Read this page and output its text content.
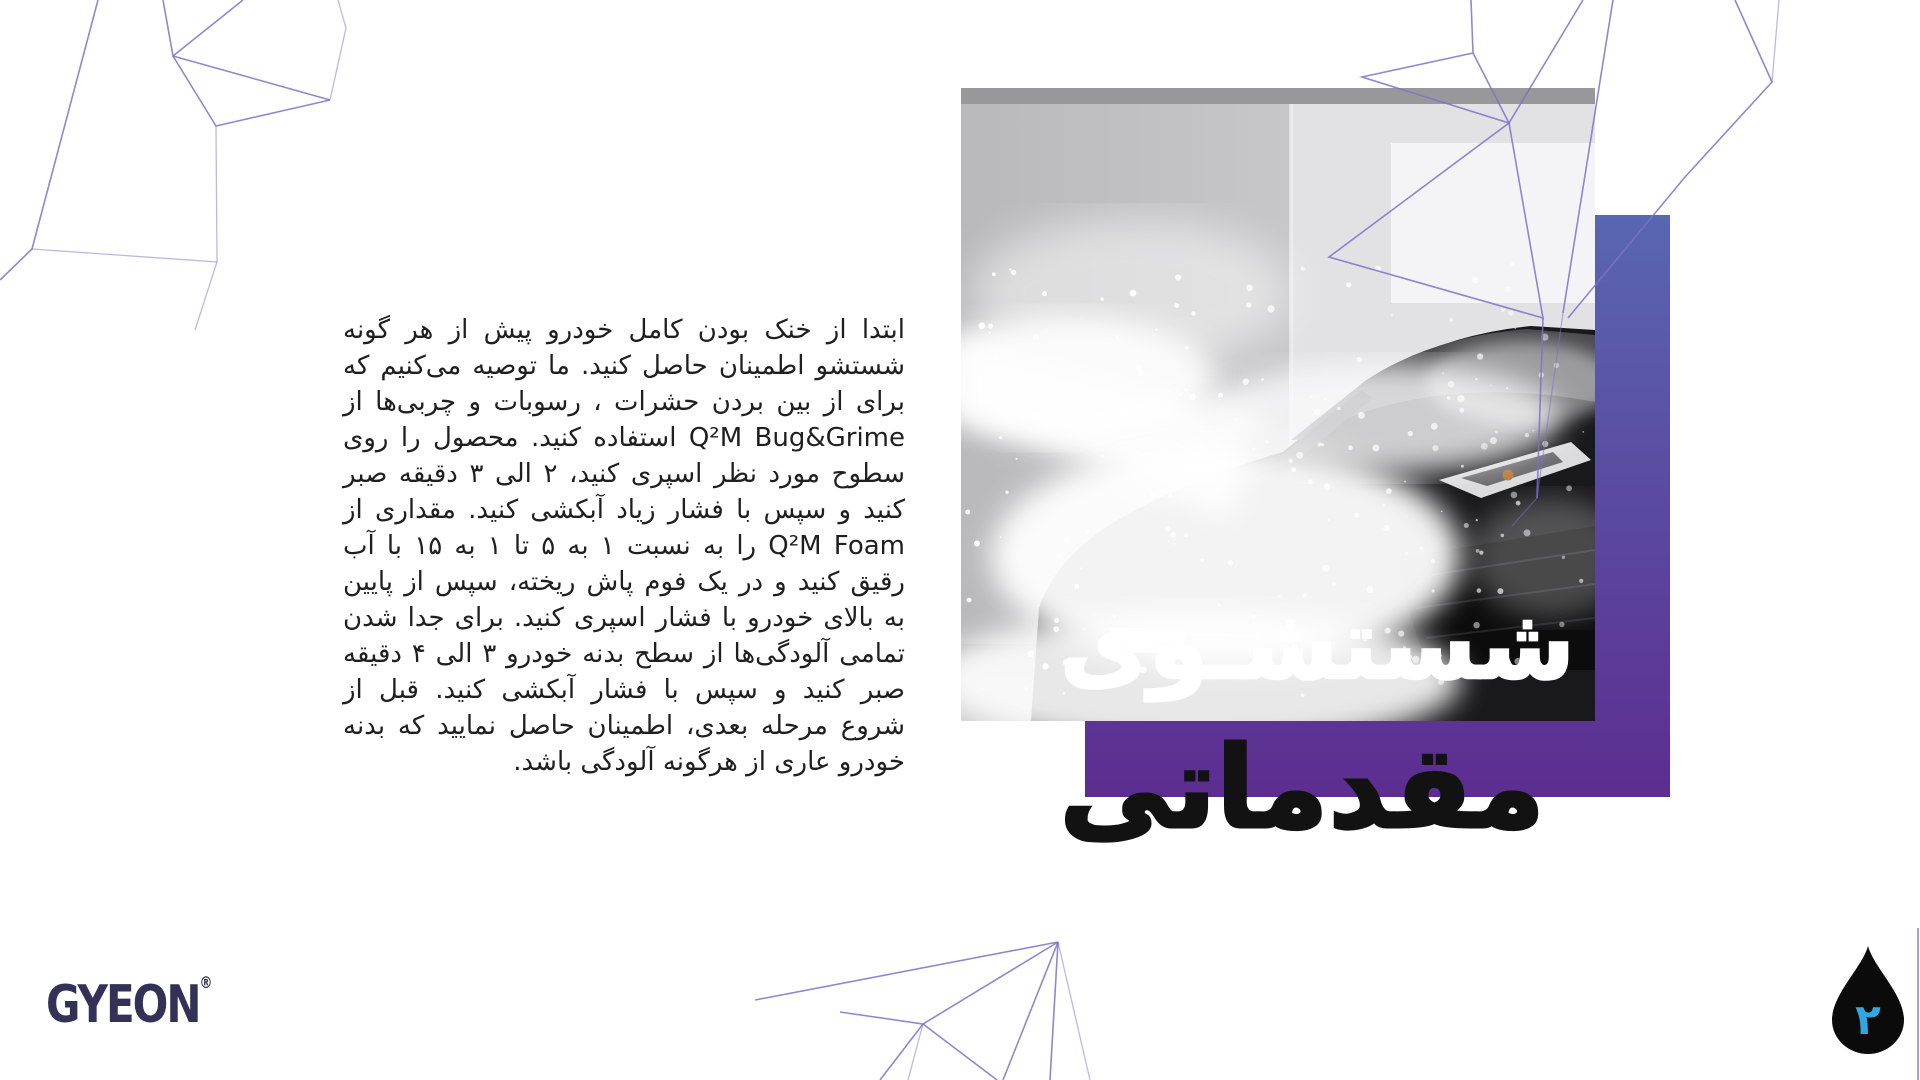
شستشـوی
مقدماتی

ابتدا از خنک بودن کامل خودرو پیش از هر گونه شستشو اطمینان حاصل کنید. ما توصیه می‌کنیم که برای از بین بردن حشرات ، رسوبات و چربی‌ها از Q²M Bug&Grime استفاده کنید. محصول را روی سطوح مورد نظر اسپری کنید، ۲ الی ۳ دقیقه صبر کنید و سپس با فشار زیاد آبکشی کنید. مقداری از Q²M Foam را به نسبت ۱ به ۵ تا ۱ به ۱۵ با آب رقیق کنید و در یک فوم پاش ریخته، سپس از پایین به بالای خودرو با فشار اسپری کنید. برای جدا شدن تمامی آلودگی‌ها از سطح بدنه خودرو ۳ الی ۴ دقیقه صبر کنید و سپس با فشار آبکشی کنید. قبل از شروع مرحله بعدی، اطمینان حاصل نمایید که بدنه خودرو عاری از هرگونه آلودگی باشد.

GYEON®
۲
